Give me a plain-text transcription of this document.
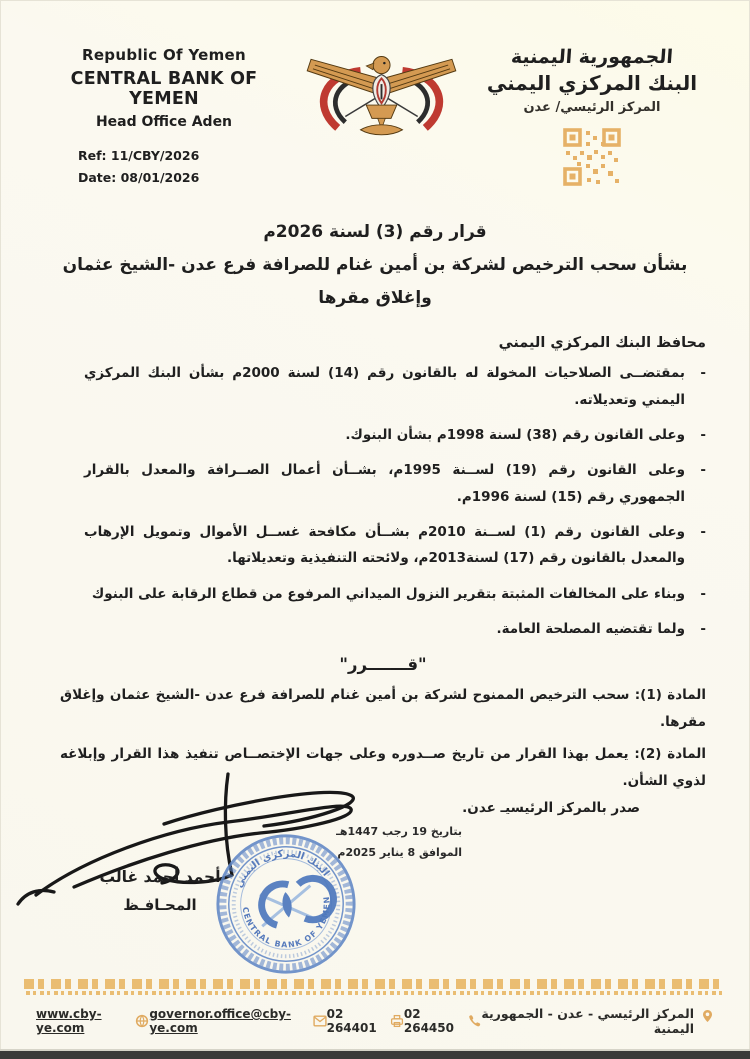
Republic Of Yemen
CENTRAL BANK OF YEMEN
Head Office Aden
Ref: 11/CBY/2026
Date: 08/01/2026
الجمهورية اليمنية
البنك المركزي اليمني
المركز الرئيسي/ عدن
قرار رقم (3) لسنة 2026م
بشأن سحب الترخيص لشركة بن أمين غنام للصرافة فرع عدن -الشيخ عثمان
وإغلاق مقرها
محافظ البنك المركزي اليمني
-
بمقتضــى الصلاحيات المخولة له بالقانون رقم (14) لسنة 2000م بشأن البنك المركزي اليمني وتعديلاته.
-
وعلى القانون رقم (38) لسنة 1998م بشأن البنوك.
-
وعلى القانون رقم (19) لســنة 1995م، بشــأن أعمال الصــرافة والمعدل بالقرار الجمهوري رقم (15) لسنة 1996م.
-
وعلى القانون رقم (1) لســنة 2010م بشــأن مكافحة غســل الأموال وتمويل الإرهاب والمعدل بالقانون رقم (17) لسنة2013م، ولائحته التنفيذية وتعديلاتها.
-
وبناء على المخالفات المثبتة بتقرير النزول الميداني المرفوع من قطاع الرقابة على البنوك
-
ولما تقتضيه المصلحة العامة.
"قـــــــرر"
المادة (1): سحب الترخيص الممنوح لشركة بن أمين غنام للصرافة فرع عدن -الشيخ عثمان وإغلاق مقرها.
المادة (2): يعمل بهذا القرار من تاريخ صــدوره وعلى جهات الإختصــاص تنفيذ هذا القرار وإبلاغه لذوي الشأن.
صدر بالمركز الرئيسيـ عدن.
بتاريخ 19 رجب 1447هـ
الموافق 8 يناير 2025م
البنك المركزي اليمني
CENTRAL BANK OF YEMEN
أحمد أحمد غالب
المحـافـظ
www.cby-ye.com
governor.office@cby-ye.com
02 264401
02 264450
المركز الرئيسي - عدن - الجمهورية اليمنية
